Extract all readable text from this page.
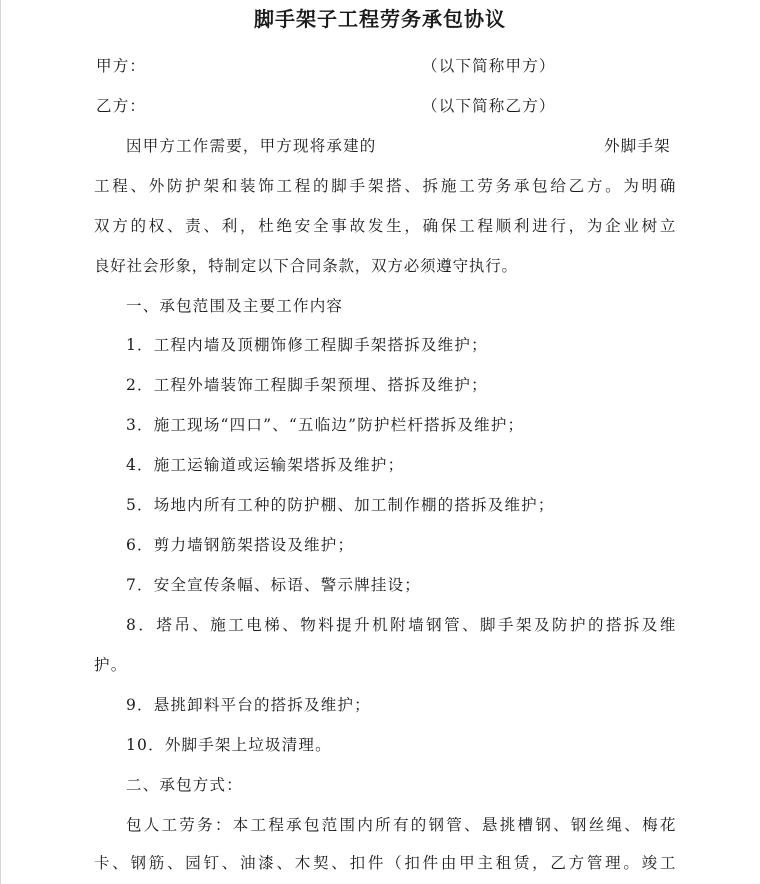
脚手架子工程劳务承包协议
甲方：	（以下简称甲方）
乙方：	（以下简称乙方）
因甲方工作需要，甲方现将承建的	外脚手架
工程、外防护架和装饰工程的脚手架搭、拆施工劳务承包给乙方。为明确
双方的权、责、利，杜绝安全事故发生，确保工程顺利进行，为企业树立
良好社会形象，特制定以下合同条款，双方必须遵守执行。
一、承包范围及主要工作内容
1．工程内墙及顶棚饰修工程脚手架搭拆及维护；
2．工程外墙装饰工程脚手架预埋、搭拆及维护；
3．施工现场“四口”、“五临边”防护栏杆搭拆及维护；
4．施工运输道或运输架塔拆及维护；
5．场地内所有工种的防护棚、加工制作棚的搭拆及维护；
6．剪力墙钢筋架搭设及维护；
7．安全宣传条幅、标语、警示牌挂设；
8．塔吊、施工电梯、物料提升机附墙钢管、脚手架及防护的搭拆及维
护。
9．悬挑卸料平台的搭拆及维护；
10．外脚手架上垃圾清理。
二、承包方式：
包人工劳务：本工程承包范围内所有的钢管、悬挑槽钢、钢丝绳、梅花
卡、钢筋、园钉、油漆、木契、扣件（扣件由甲主租赁，乙方管理。竣工
